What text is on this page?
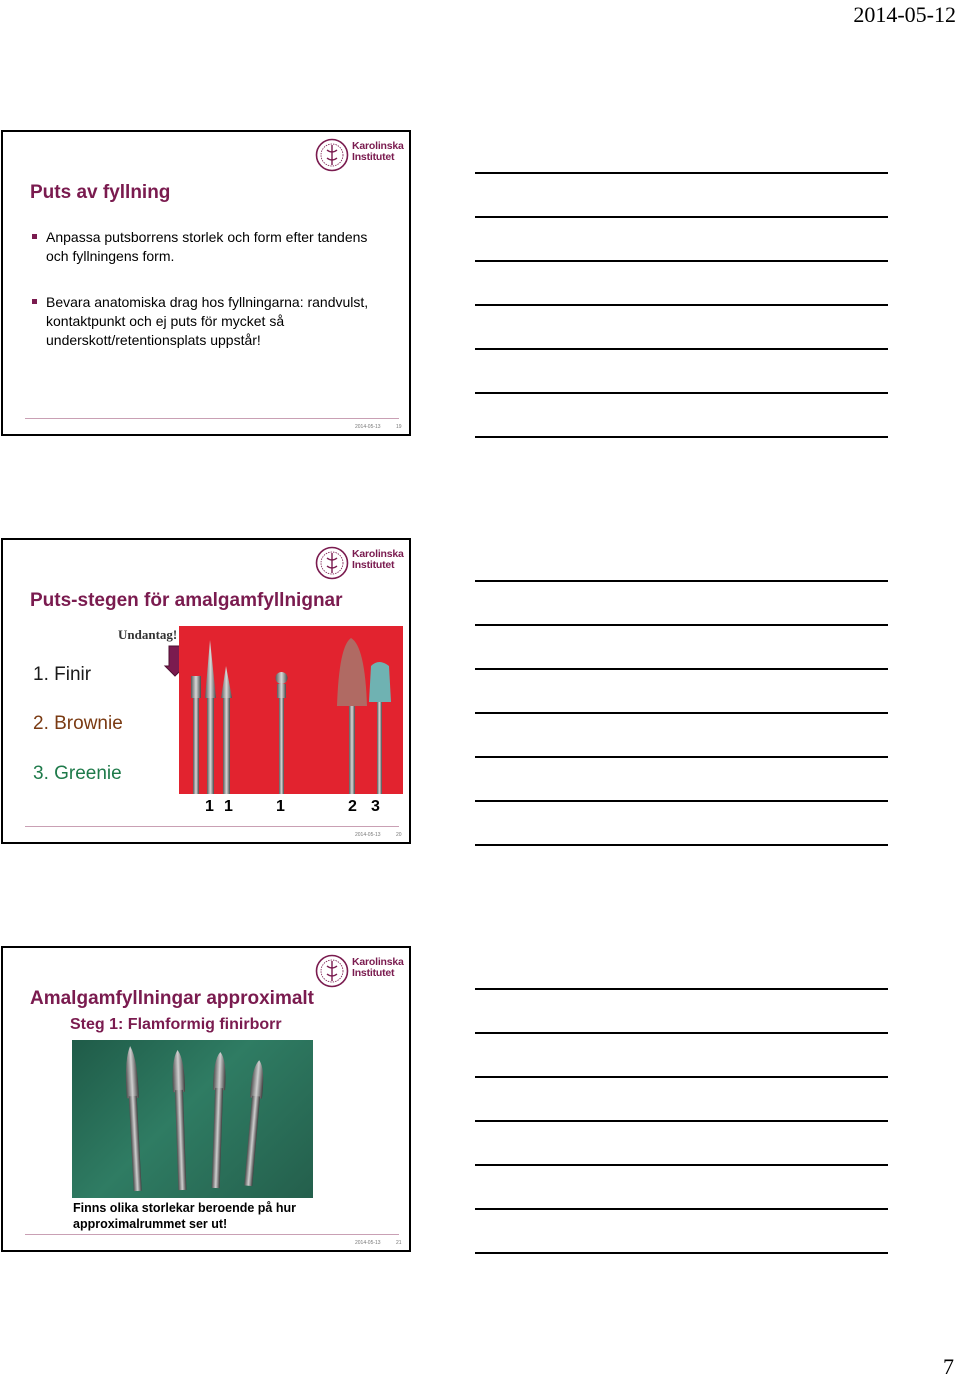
2014-05-12
Karolinska
Institutet
Puts av fyllning
Anpassa putsborrens storlek och form efter tandens och fyllningens form.
Bevara anatomiska drag hos fyllningarna: randvulst, kontaktpunkt och ej puts för mycket så underskott/retentionsplats uppstår!
2014-05-13	19
Karolinska
Institutet
Puts-stegen för amalgamfyllnignar
1. Finir
2. Brownie
3. Greenie
Undantag!
1 1	1	2 3
2014-05-13	20
Karolinska
Institutet
Amalgamfyllningar approximalt
Steg 1: Flamformig finirborr
Finns olika storlekar beroende på hur
approximalrummet ser ut!
2014-05-13	21
7
